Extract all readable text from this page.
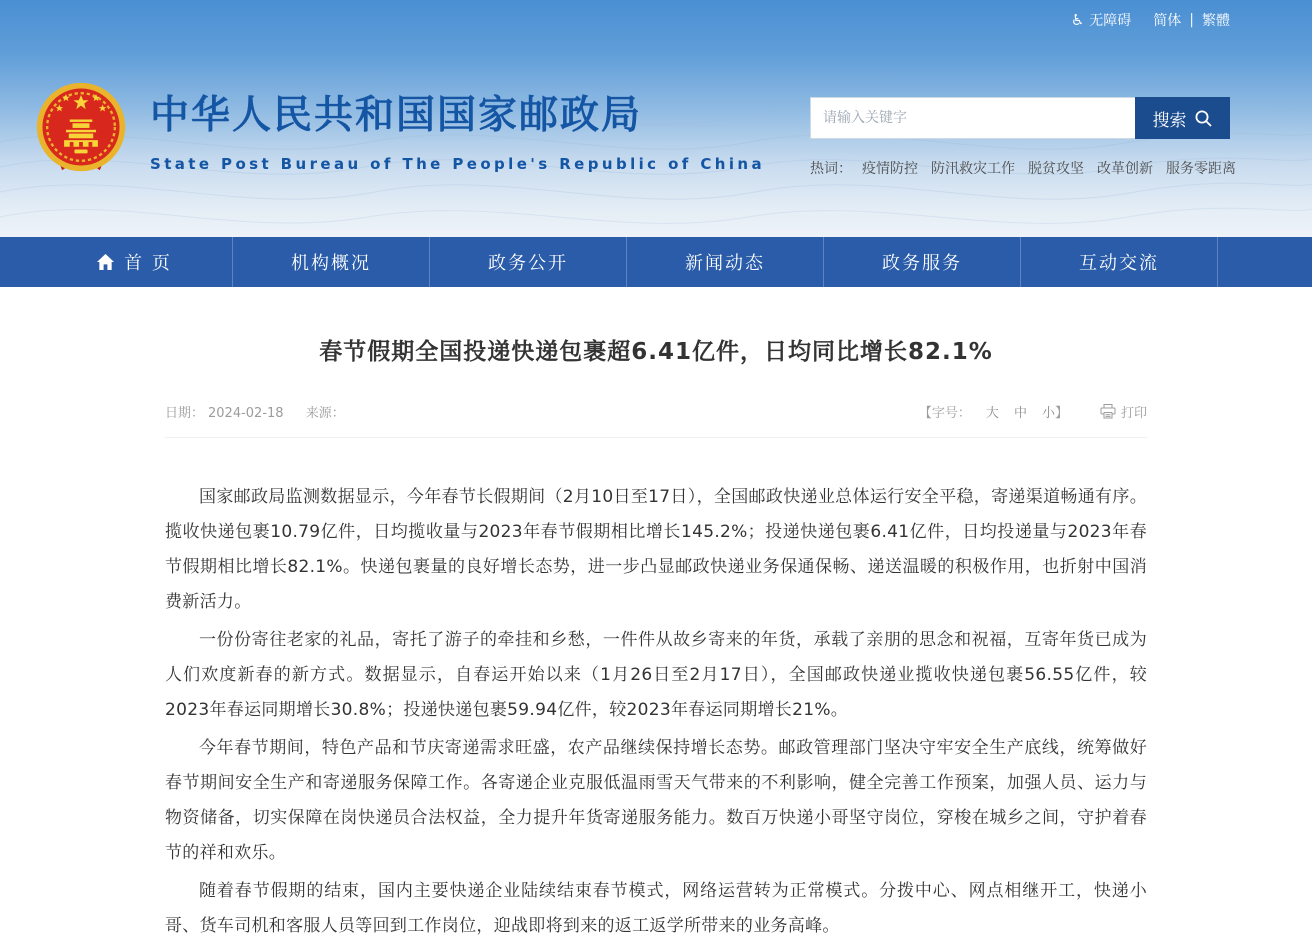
♿ 无障碍 简体 | 繁體
中华人民共和国国家邮政局
State Post Bureau of The People's Republic of China
请输入关键字
搜索
热词： 疫情防控 防汛救灾工作 脱贫攻坚 改革创新 服务零距离
首 页	机构概况	政务公开	新闻动态	政务服务	互动交流
春节假期全国投递快递包裹超6.41亿件，日均同比增长82.1%
日期： 2024-02-18 来源：	【字号： 大 中 小 】	打印

国家邮政局监测数据显示，今年春节长假期间（2月10日至17日），全国邮政快递业总体运行安全平稳，寄递渠道畅通有序。揽收快递包裹10.79亿件，日均揽收量与2023年春节假期相比增长145.2%；投递快递包裹6.41亿件，日均投递量与2023年春节假期相比增长82.1%。快递包裹量的良好增长态势，进一步凸显邮政快递业务保通保畅、递送温暖的积极作用，也折射中国消费新活力。

一份份寄往老家的礼品，寄托了游子的牵挂和乡愁，一件件从故乡寄来的年货，承载了亲朋的思念和祝福，互寄年货已成为人们欢度新春的新方式。数据显示，自春运开始以来（1月26日至2月17日），全国邮政快递业揽收快递包裹56.55亿件，较2023年春运同期增长30.8%；投递快递包裹59.94亿件，较2023年春运同期增长21%。

今年春节期间，特色产品和节庆寄递需求旺盛，农产品继续保持增长态势。邮政管理部门坚决守牢安全生产底线，统筹做好春节期间安全生产和寄递服务保障工作。各寄递企业克服低温雨雪天气带来的不利影响，健全完善工作预案，加强人员、运力与物资储备，切实保障在岗快递员合法权益，全力提升年货寄递服务能力。数百万快递小哥坚守岗位，穿梭在城乡之间，守护着春节的祥和欢乐。

随着春节假期的结束，国内主要快递企业陆续结束春节模式，网络运营转为正常模式。分拨中心、网点相继开工，快递小哥、货车司机和客服人员等回到工作岗位，迎战即将到来的返工返学所带来的业务高峰。
